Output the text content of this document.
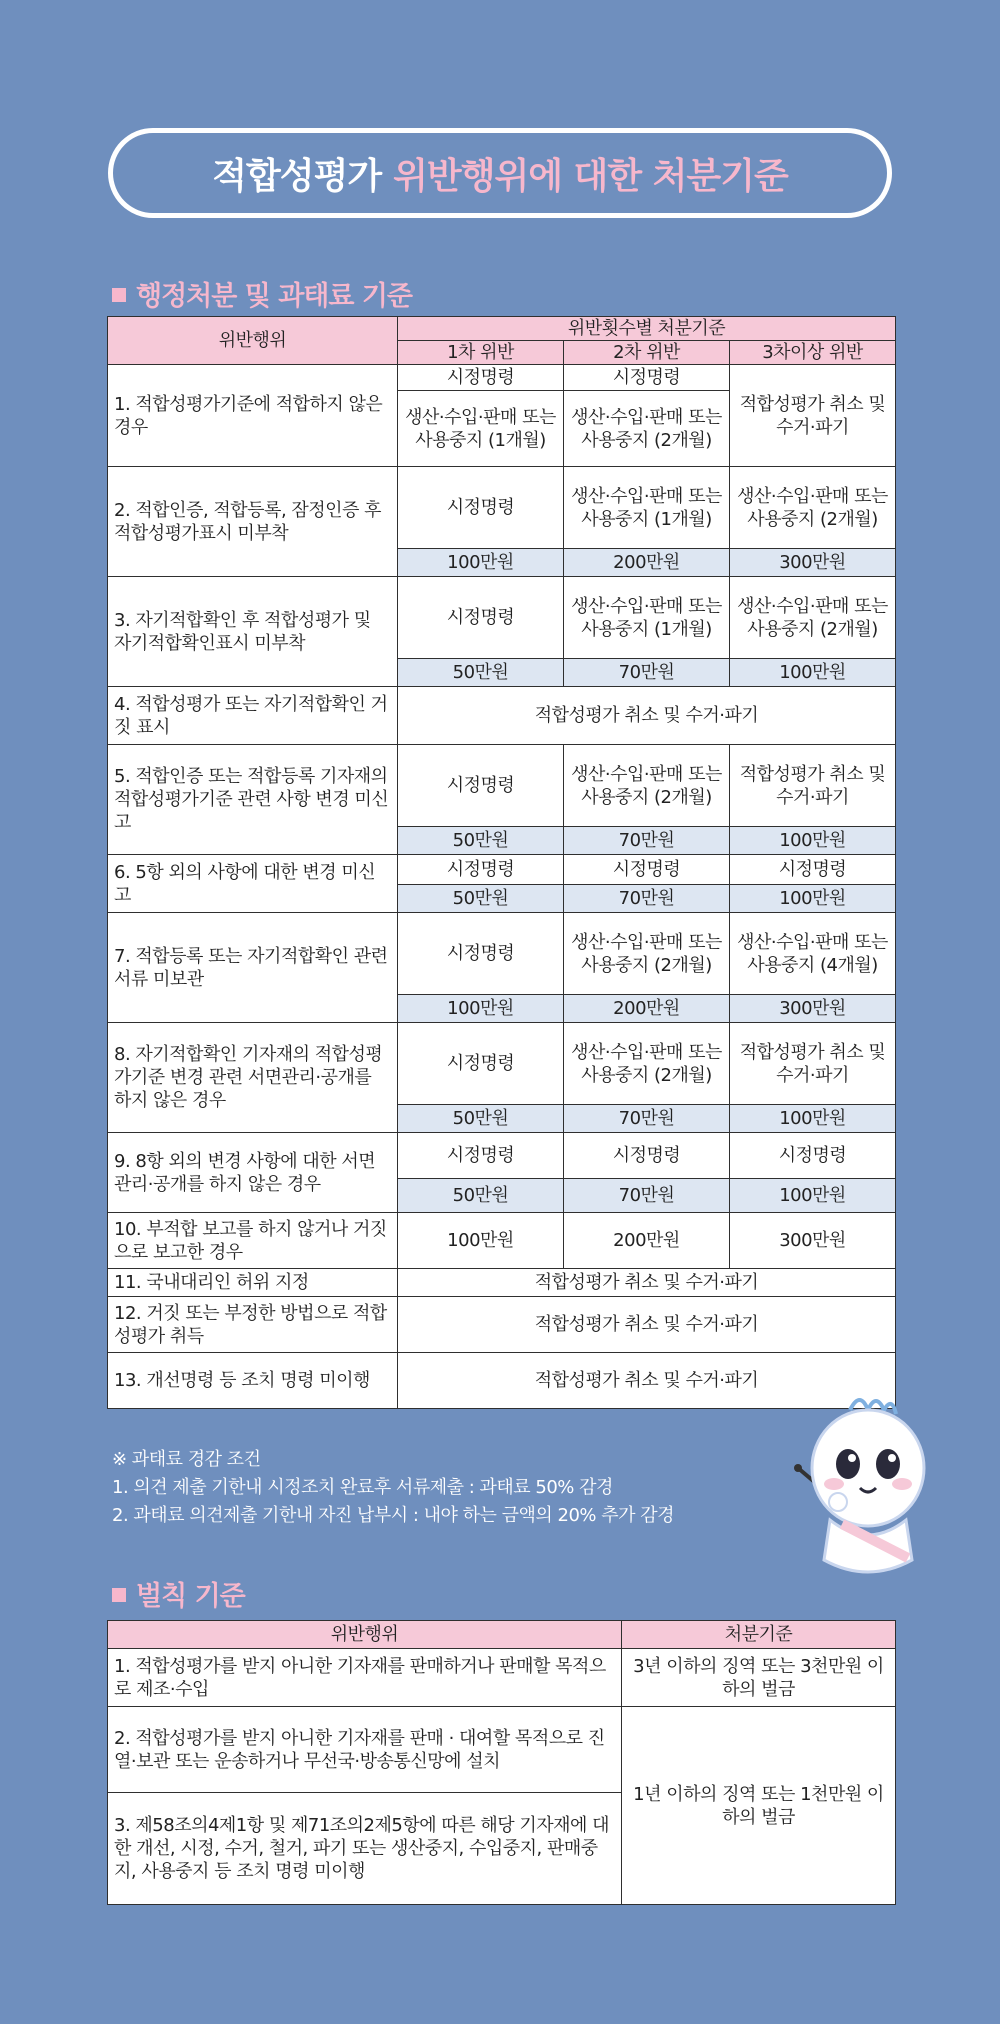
적합성평가 위반행위에 대한 처분기준
행정처분 및 과태료 기준
위반행위	위반횟수별 처분기준		
	1차 위반	2차 위반	3차이상 위반
1. 적합성평가기준에 적합하지 않은 경우	시정명령	시정명령	적합성평가 취소 및 수거·파기
	생산·수입·판매 또는 사용중지 (1개월)	생산·수입·판매 또는 사용중지 (2개월)	
2. 적합인증, 적합등록, 잠정인증 후 적합성평가표시 미부착	시정명령	생산·수입·판매 또는 사용중지 (1개월)	생산·수입·판매 또는 사용중지 (2개월)
	100만원	200만원	300만원
3. 자기적합확인 후 적합성평가 및 자기적합확인표시 미부착	시정명령	생산·수입·판매 또는 사용중지 (1개월)	생산·수입·판매 또는 사용중지 (2개월)
	50만원	70만원	100만원
4. 적합성평가 또는 자기적합확인 거짓 표시	적합성평가 취소 및 수거·파기		
5. 적합인증 또는 적합등록 기자재의 적합성평가기준 관련 사항 변경 미신고	시정명령	생산·수입·판매 또는 사용중지 (2개월)	적합성평가 취소 및 수거·파기
	50만원	70만원	100만원
6. 5항 외의 사항에 대한 변경 미신고	시정명령	시정명령	시정명령
	50만원	70만원	100만원
7. 적합등록 또는 자기적합확인 관련 서류 미보관	시정명령	생산·수입·판매 또는 사용중지 (2개월)	생산·수입·판매 또는 사용중지 (4개월)
	100만원	200만원	300만원
8. 자기적합확인 기자재의 적합성평가기준 변경 관련 서면관리·공개를 하지 않은 경우	시정명령	생산·수입·판매 또는 사용중지 (2개월)	적합성평가 취소 및 수거·파기
	50만원	70만원	100만원
9. 8항 외의 변경 사항에 대한 서면관리·공개를 하지 않은 경우	시정명령	시정명령	시정명령
	50만원	70만원	100만원
10. 부적합 보고를 하지 않거나 거짓으로 보고한 경우	100만원	200만원	300만원
11. 국내대리인 허위 지정	적합성평가 취소 및 수거·파기		
12. 거짓 또는 부정한 방법으로 적합성평가 취득	적합성평가 취소 및 수거·파기		
13. 개선명령 등 조치 명령 미이행	적합성평가 취소 및 수거·파기		
※ 과태료 경감 조건
1. 의견 제출 기한내 시정조치 완료후 서류제출 : 과태료 50% 감경
2. 과태료 의견제출 기한내 자진 납부시 : 내야 하는 금액의 20% 추가 감경
벌칙 기준
위반행위	처분기준
1. 적합성평가를 받지 아니한 기자재를 판매하거나 판매할 목적으로 제조·수입	3년 이하의 징역 또는 3천만원 이하의 벌금
2. 적합성평가를 받지 아니한 기자재를 판매 · 대여할 목적으로 진열·보관 또는 운송하거나 무선국·방송통신망에 설치	1년 이하의 징역 또는 1천만원 이하의 벌금
3. 제58조의4제1항 및 제71조의2제5항에 따른 해당 기자재에 대한 개선, 시정, 수거, 철거, 파기 또는 생산중지, 수입중지, 판매중지, 사용중지 등 조치 명령 미이행	
